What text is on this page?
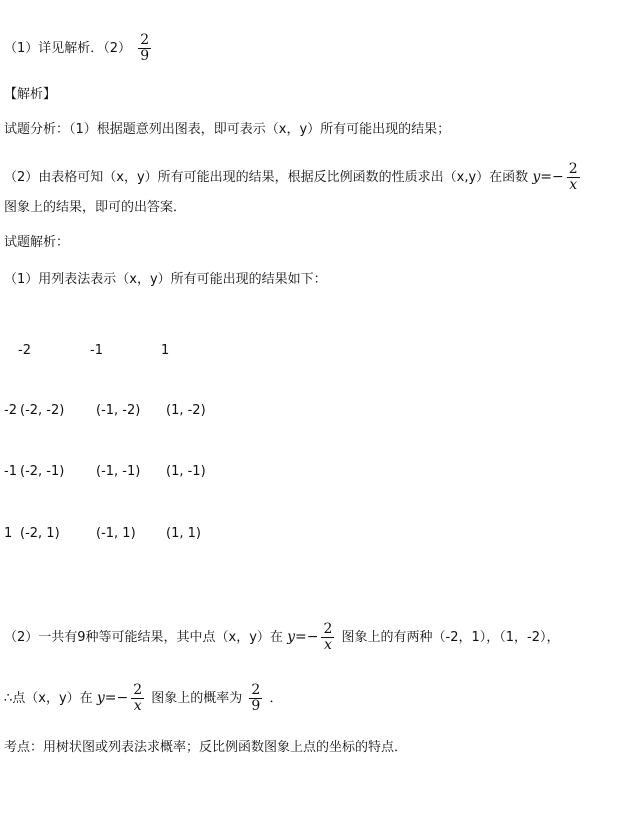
（1）详见解析．$(2) \frac{2}{9}$
【解析】
试题分析：（1）根据题意列出图表，即可表示（x，y）所有可能出现的结果；
（2）由表格可知（x，y）所有可能出现的结果，根据反比例函数的性质求出（x,y）在函数 $y=- \frac{2}{x}$
图象上的结果，即可的出答案．
试题解析：
（1）用列表法表示（x，y）所有可能出现的结果如下：
-2	-1	1
-2 (-2, -2) (-1, -2) (1, -2)
-1 (-2, -1) (-1, -1) (1, -1)
1 (-2, 1)	(-1, 1) (1, 1)
（2）一共有9种等可能结果，其中点（x，y）在 $y=- \frac{2}{x}$ 图象上的有两种（-2，1），（1，-2），
∴点（x，y）在 $y=- \frac{2}{x}$ 图象上的概率为 $\frac{2}{9}$ ．
考点：用树状图或列表法求概率；反比例函数图象上点的坐标的特点．
